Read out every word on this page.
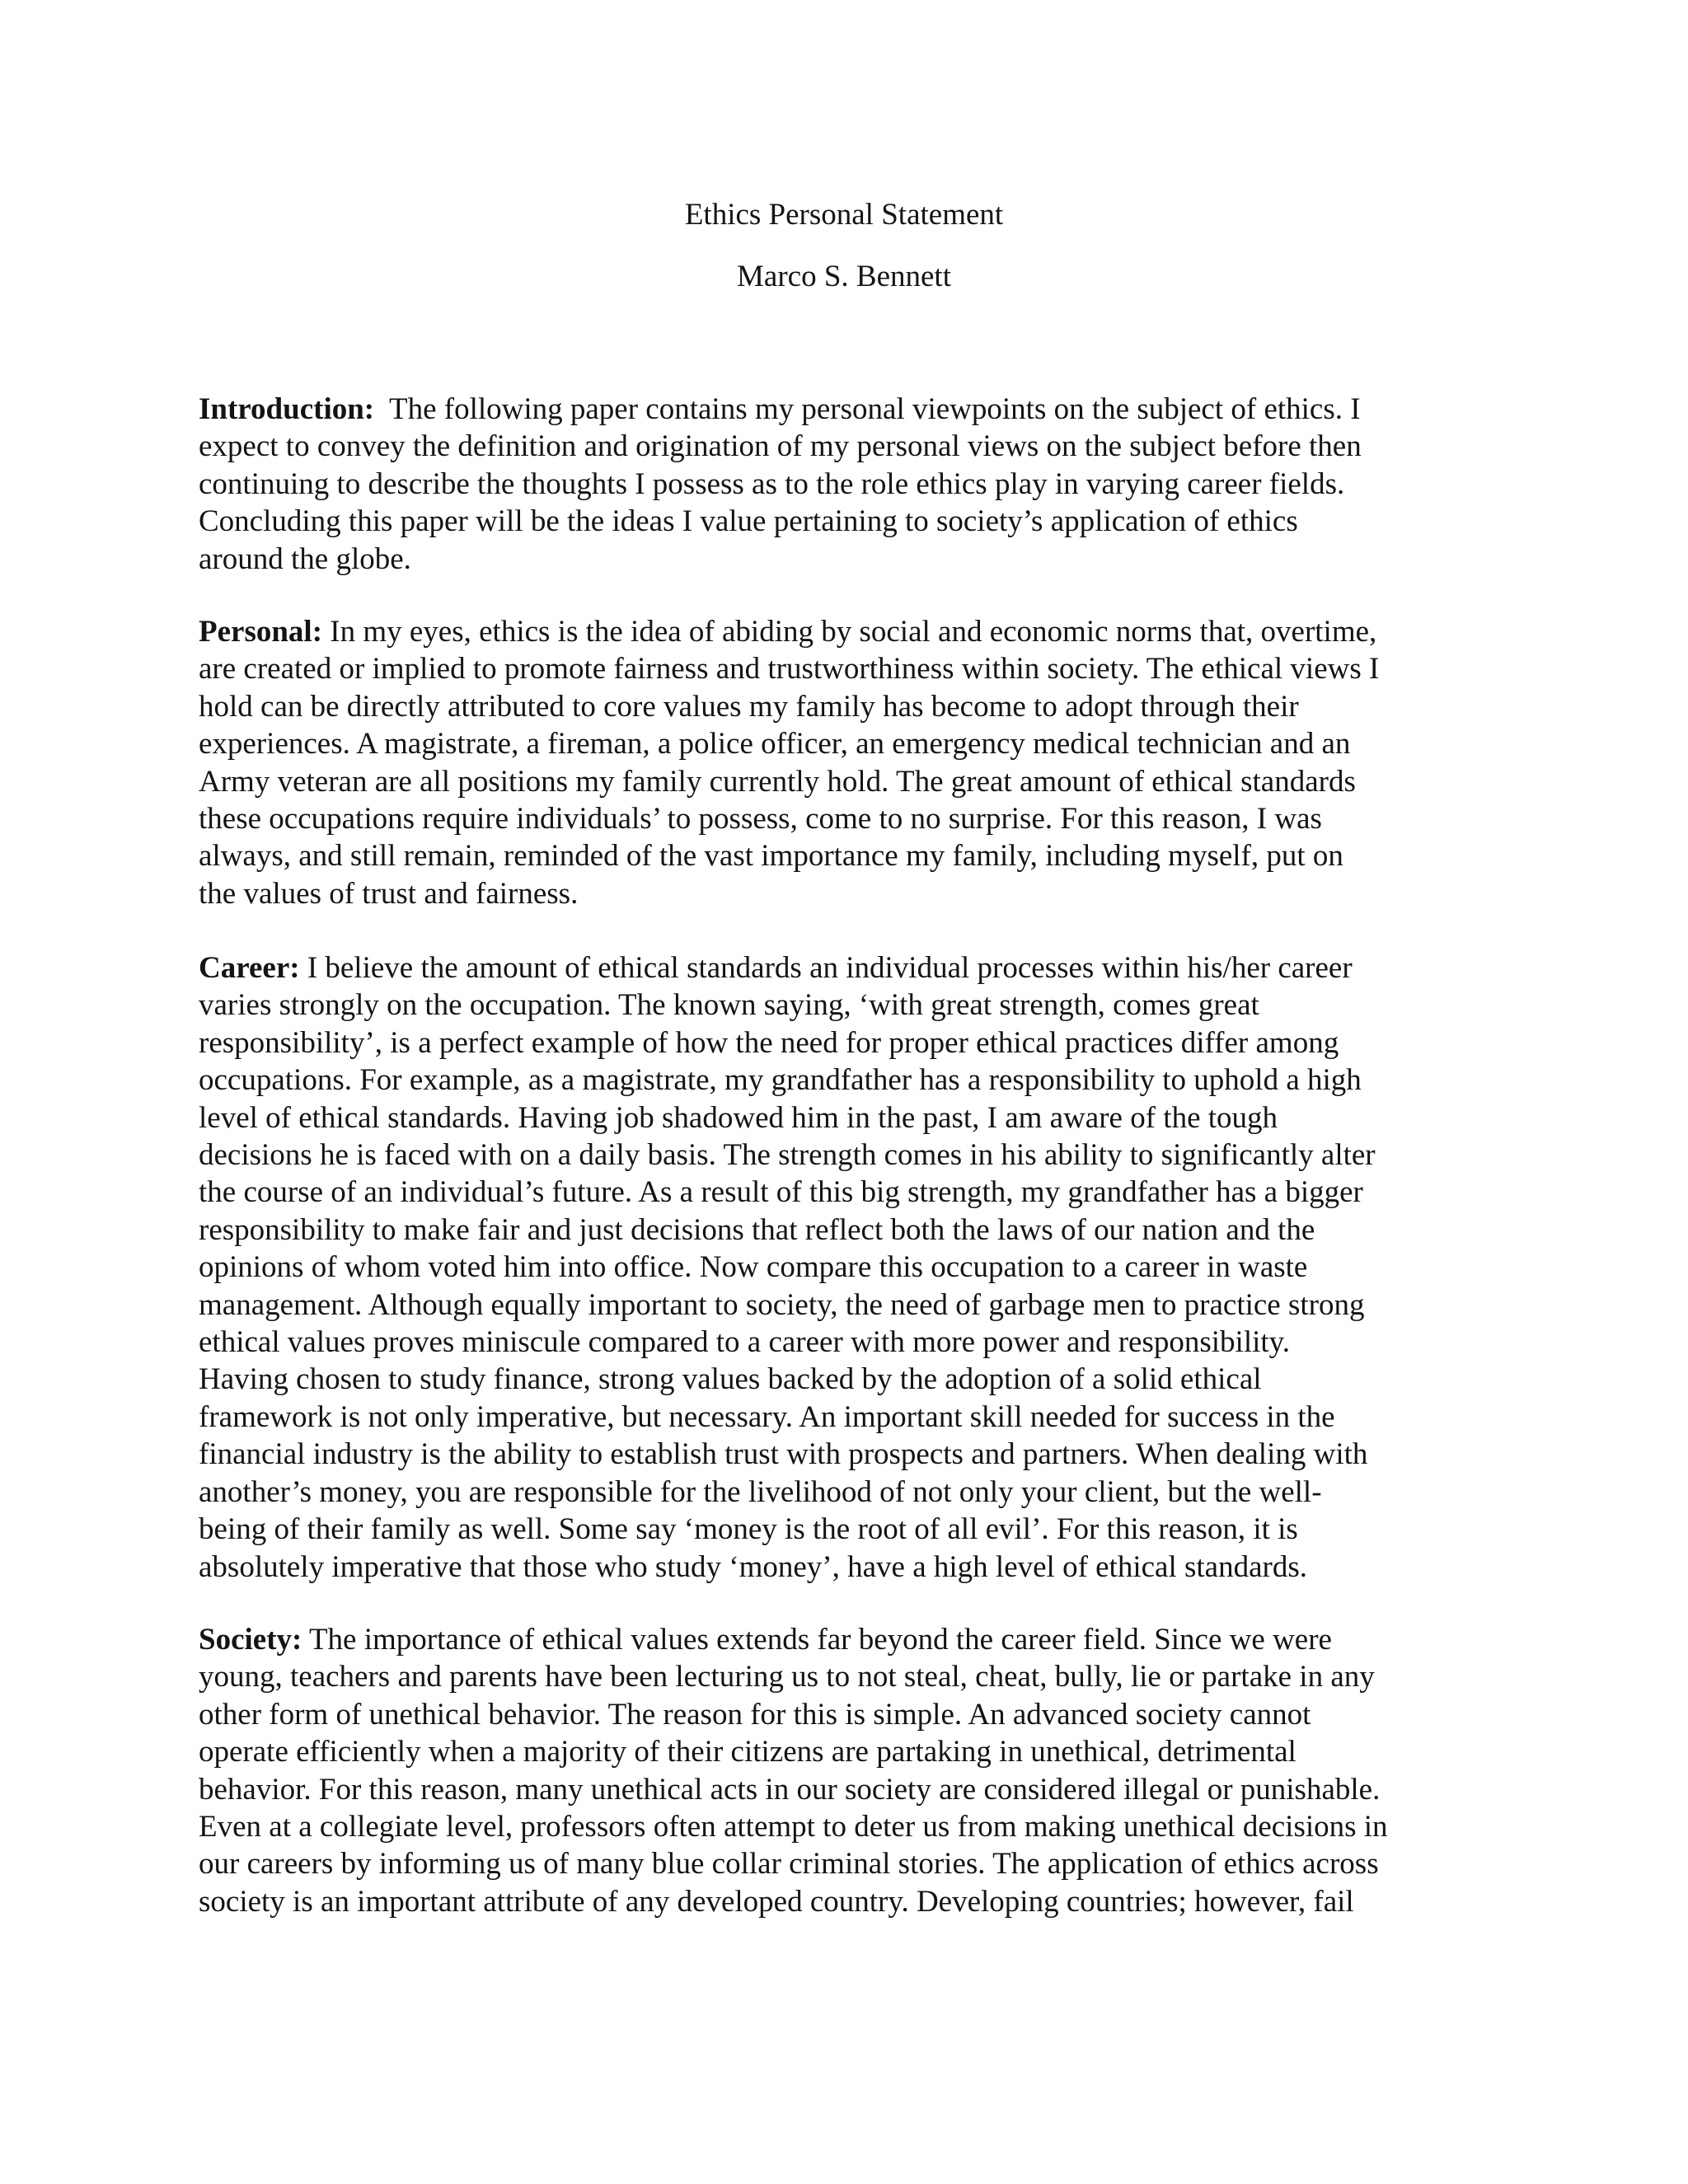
Ethics Personal Statement
Marco S. Bennett
Introduction: The following paper contains my personal viewpoints on the subject of ethics. I
expect to convey the definition and origination of my personal views on the subject before then
continuing to describe the thoughts I possess as to the role ethics play in varying career fields.
Concluding this paper will be the ideas I value pertaining to society’s application of ethics
around the globe.
Personal: In my eyes, ethics is the idea of abiding by social and economic norms that, overtime,
are created or implied to promote fairness and trustworthiness within society. The ethical views I
hold can be directly attributed to core values my family has become to adopt through their
experiences. A magistrate, a fireman, a police officer, an emergency medical technician and an
Army veteran are all positions my family currently hold. The great amount of ethical standards
these occupations require individuals’ to possess, come to no surprise. For this reason, I was
always, and still remain, reminded of the vast importance my family, including myself, put on
the values of trust and fairness.
Career: I believe the amount of ethical standards an individual processes within his/her career
varies strongly on the occupation. The known saying, ‘with great strength, comes great
responsibility’, is a perfect example of how the need for proper ethical practices differ among
occupations. For example, as a magistrate, my grandfather has a responsibility to uphold a high
level of ethical standards. Having job shadowed him in the past, I am aware of the tough
decisions he is faced with on a daily basis. The strength comes in his ability to significantly alter
the course of an individual’s future. As a result of this big strength, my grandfather has a bigger
responsibility to make fair and just decisions that reflect both the laws of our nation and the
opinions of whom voted him into office. Now compare this occupation to a career in waste
management. Although equally important to society, the need of garbage men to practice strong
ethical values proves miniscule compared to a career with more power and responsibility.
Having chosen to study finance, strong values backed by the adoption of a solid ethical
framework is not only imperative, but necessary. An important skill needed for success in the
financial industry is the ability to establish trust with prospects and partners. When dealing with
another’s money, you are responsible for the livelihood of not only your client, but the well-
being of their family as well. Some say ‘money is the root of all evil’. For this reason, it is
absolutely imperative that those who study ‘money’, have a high level of ethical standards.
Society: The importance of ethical values extends far beyond the career field. Since we were
young, teachers and parents have been lecturing us to not steal, cheat, bully, lie or partake in any
other form of unethical behavior. The reason for this is simple. An advanced society cannot
operate efficiently when a majority of their citizens are partaking in unethical, detrimental
behavior. For this reason, many unethical acts in our society are considered illegal or punishable.
Even at a collegiate level, professors often attempt to deter us from making unethical decisions in
our careers by informing us of many blue collar criminal stories. The application of ethics across
society is an important attribute of any developed country. Developing countries; however, fail
